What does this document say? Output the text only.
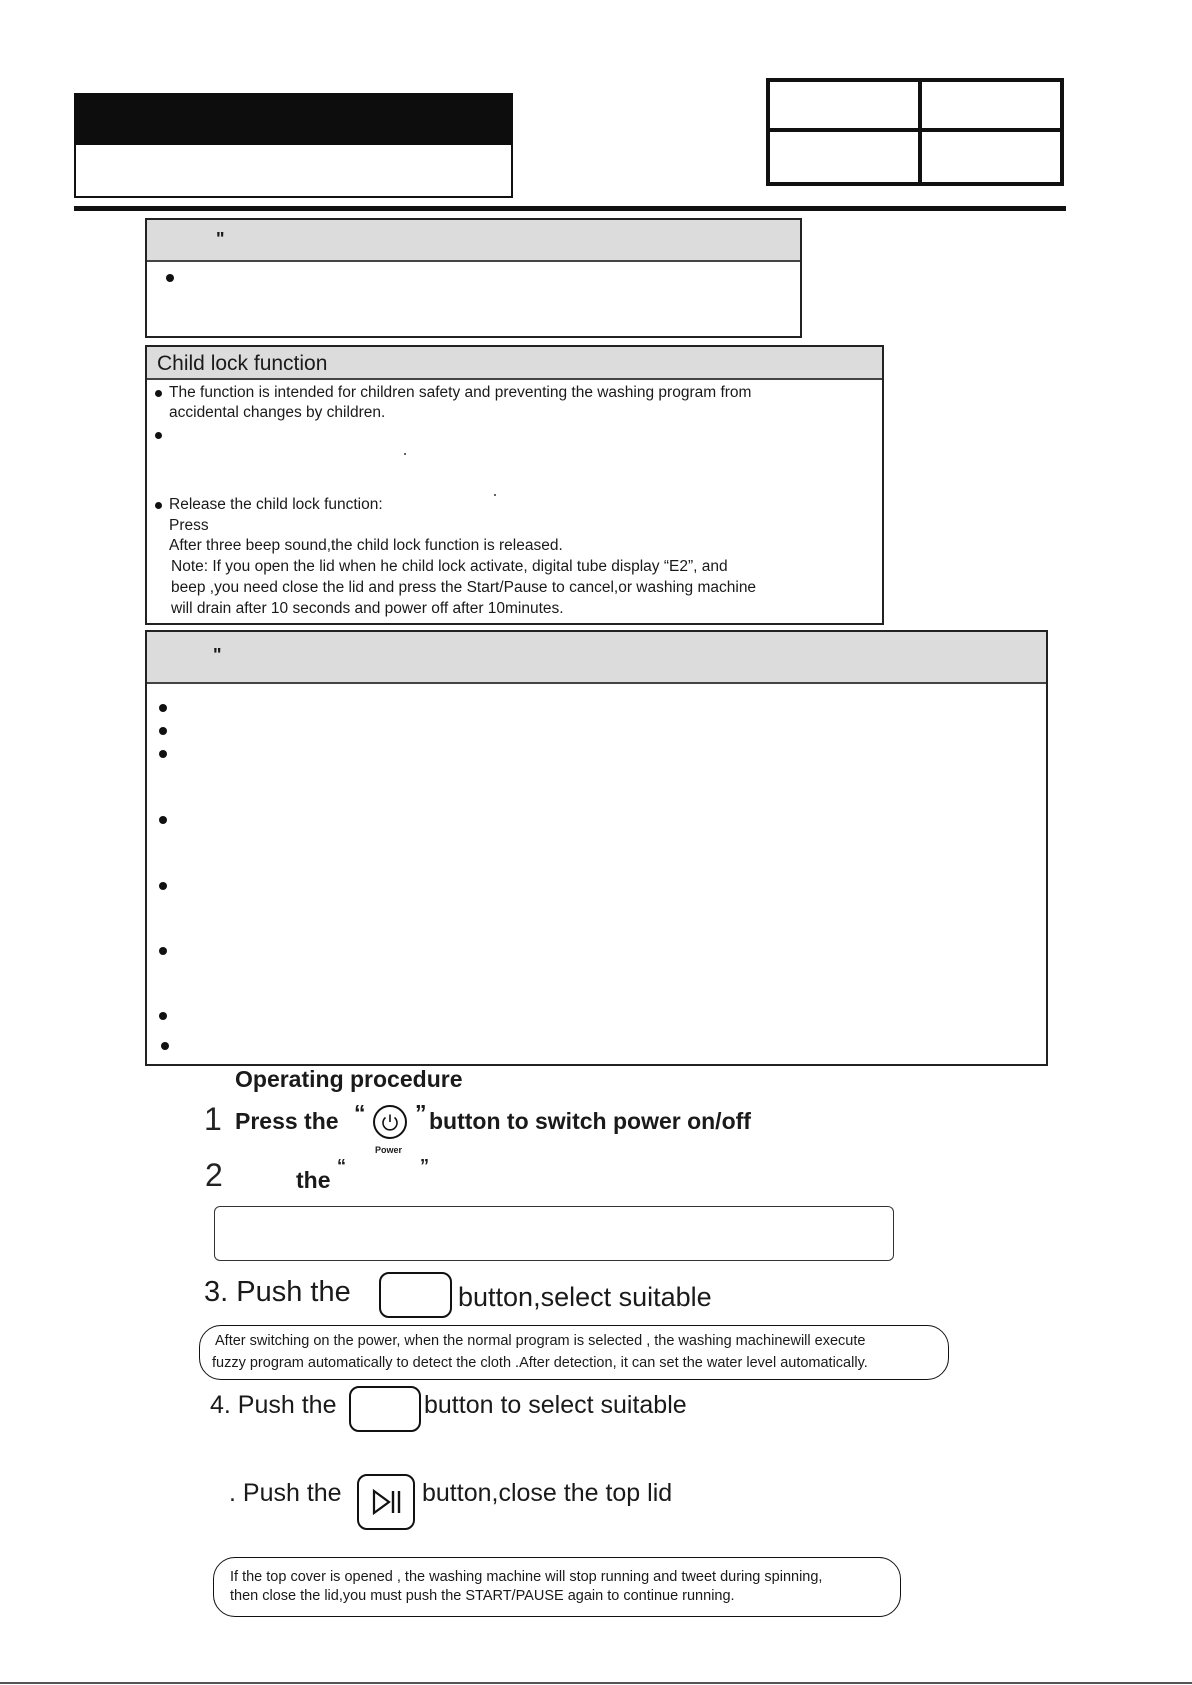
"
Child lock function
The function is intended for children safety and preventing the washing program from
accidental changes by children.
Release the child lock function:
Press
After three beep sound,the child lock function is released.
Note: If you open the lid when he child lock activate, digital tube display “E2”, and
beep ,you need close the lid and press the Start/Pause to cancel,or washing machine
will drain after 10 seconds and power off after 10minutes.
"
Operating procedure
1 Press the “ ” button to switch power on/off
Power
2	the
“	”
3. Push the	button,select suitable
After switching on the power, when the normal program is selected , the washing machinewill execute
fuzzy program automatically to detect the cloth .After detection, it can set the water level automatically.
4. Push the	button to select suitable
. Push the	button,close the top lid
If the top cover is opened , the washing machine will stop running and tweet during spinning,
then close the lid,you must push the START/PAUSE again to continue running.
